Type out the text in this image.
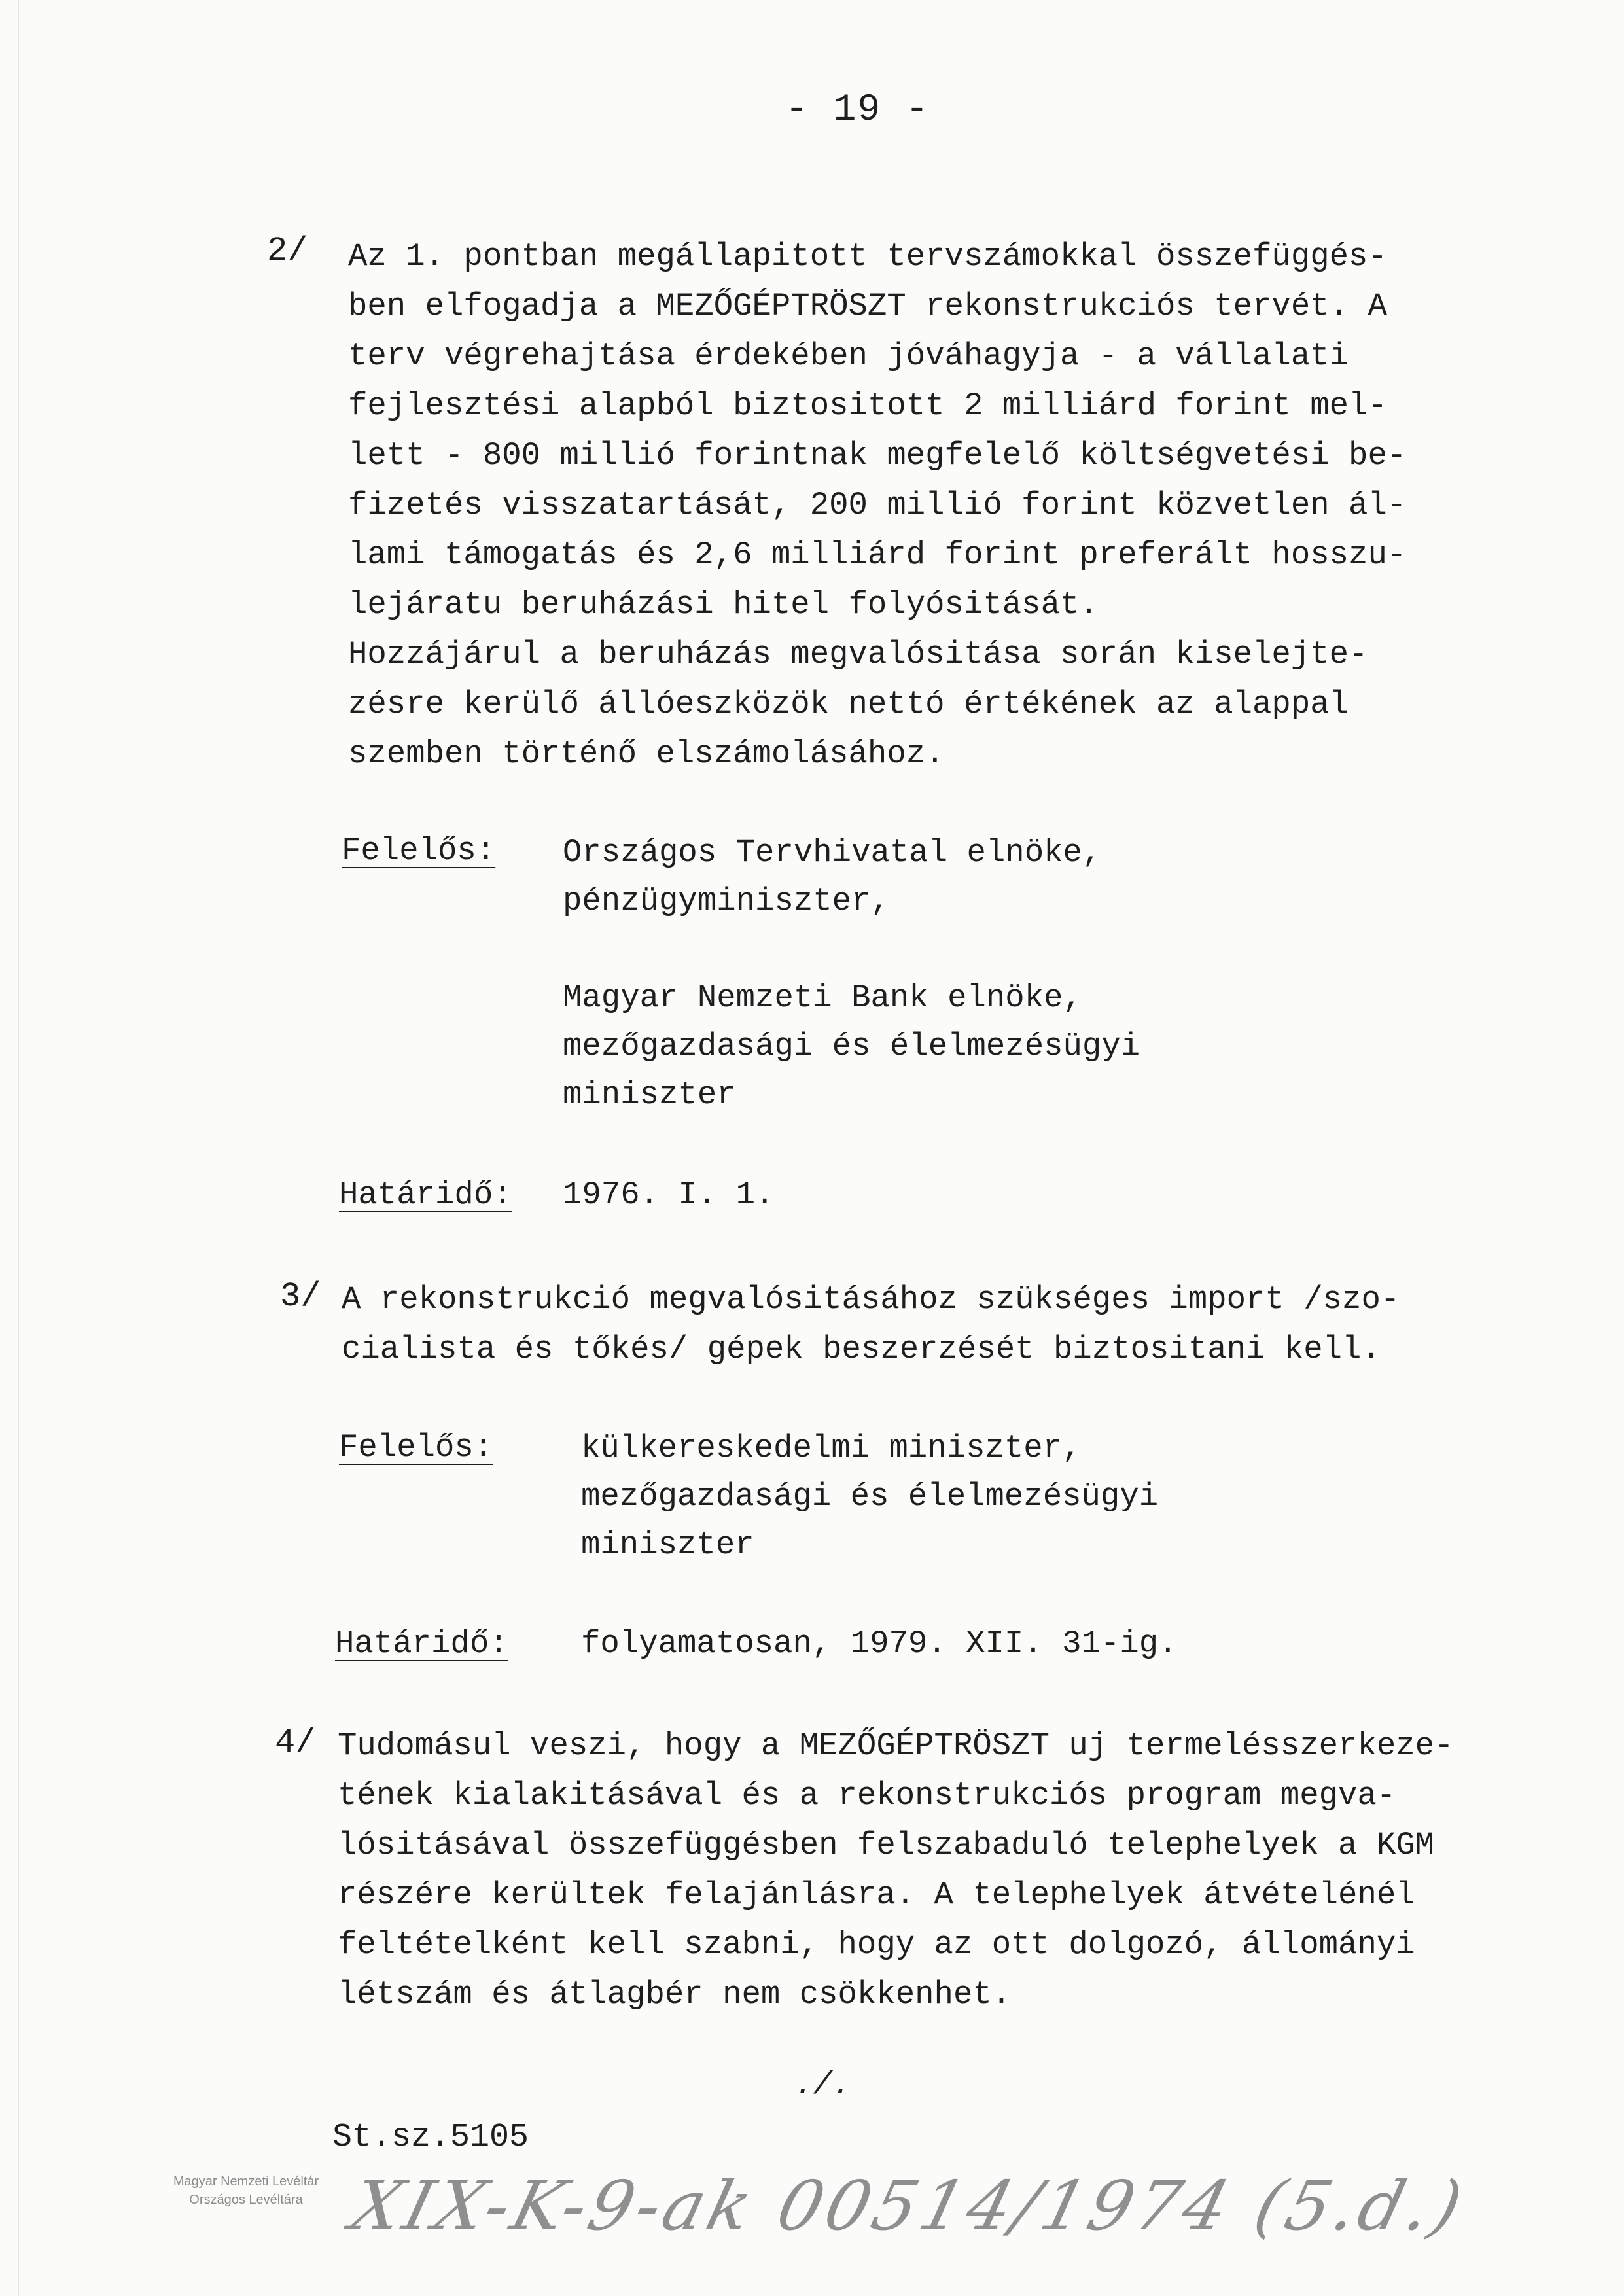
- 19 -
2/ Az 1. pontban megállapitott tervszámokkal összefüggés-
ben elfogadja a MEZŐGÉPTRÖSZT rekonstrukciós tervét. A
terv végrehajtása érdekében jóváhagyja - a vállalati
fejlesztési alapból biztositott 2 milliárd forint mel-
lett - 800 millió forintnak megfelelő költségvetési be-
fizetés visszatartását, 200 millió forint közvetlen ál-
lami támogatás és 2,6 milliárd forint preferált hosszu-
lejáratu beruházási hitel folyósitását.
Hozzájárul a beruházás megvalósitása során kiselejte-
zésre kerülő állóeszközök nettó értékének az alappal
szemben történő elszámolásához.
Felelős: Országos Tervhivatal elnöke,
pénzügyminiszter,
Magyar Nemzeti Bank elnöke,
mezőgazdasági és élelmezésügyi
miniszter
Határidő: 1976. I. 1.
3/ A rekonstrukció megvalósitásához szükséges import /szo-
cialista és tőkés/ gépek beszerzését biztositani kell.
Felelős:	külkereskedelmi miniszter,
mezőgazdasági és élelmezésügyi
miniszter
Határidő: folyamatosan, 1979. XII. 31-ig.
4/ Tudomásul veszi, hogy a MEZŐGÉPTRÖSZT uj termelésszerkeze-
tének kialakitásával és a rekonstrukciós program megva-
lósitásával összefüggésben felszabaduló telephelyek a KGM
részére kerültek felajánlásra. A telephelyek átvételénél
feltételként kell szabni, hogy az ott dolgozó, állományi
létszám és átlagbér nem csökkenhet.
./.
St.sz.5105
Magyar Nemzeti Levéltár
Országos Levéltára XIX-K-9-ak 00514/1974 (5.d.)
